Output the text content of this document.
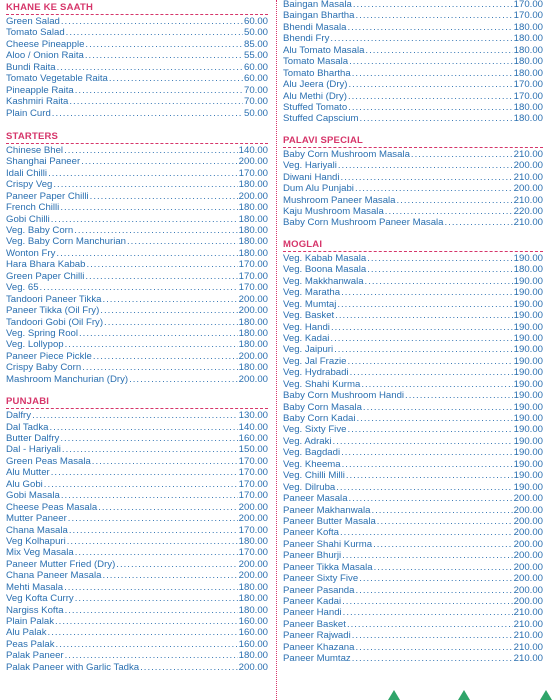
KHANE KE SAATH
Green Salad .....	60.00
Tomato Salad .....	50.00
Cheese Pineapple .....	85.00
Aloo / Onion Raita .....	55.00
Bundi Raita .....	60.00
Tomato Vegetable Raita .....	60.00
Pineapple Raita .....	70.00
Kashmiri Raita .....	70.00
Plain Curd .....	50.00
STARTERS
Chinese Bhel .....	140.00
Shanghai Paneer .....	200.00
Idali Chilli .....	170.00
Crispy Veg .....	180.00
Paneer Paper Chilli .....	200.00
French Chilli .....	180.00
Gobi Chilli .....	180.00
Veg. Baby Corn .....	180.00
Veg. Baby Corn Manchurian .....	180.00
Wonton Fry .....	180.00
Hara Bhara Kabab .....	170.00
Green Paper Chilli .....	170.00
Veg. 65 .....	170.00
Tandoori Paneer Tikka .....	200.00
Paneer Tikka (Oil Fry) .....	200.00
Tandoori Gobi (Oil Fry) .....	180.00
Veg. Spring Rool .....	180.00
Veg. Lollypop .....	180.00
Paneer Piece Pickle .....	200.00
Crispy Baby Corn .....	180.00
Mashroom Manchurian (Dry) .....	200.00
PUNJABI
Dalfry .....	130.00
Dal Tadka .....	140.00
Butter Dalfry .....	160.00
Dal - Hariyali .....	150.00
Green Peas Masala .....	170.00
Alu Mutter .....	170.00
Alu Gobi .....	170.00
Gobi Masala .....	170.00
Cheese Peas Masala .....	200.00
Mutter Paneer .....	200.00
Chana Masala .....	170.00
Veg Kolhapuri .....	180.00
Mix Veg Masala .....	170.00
Paneer Mutter Fried (Dry) .....	200.00
Chana Paneer Masala .....	200.00
Mehti Masala .....	180.00
Veg Kofta Curry .....	180.00
Nargiss Kofta .....	180.00
Plain Palak .....	160.00
Alu Palak .....	160.00
Peas Palak .....	160.00
Palak Paneer .....	180.00
Palak Paneer with Garlic Tadka .....	200.00
Baingan Masala .....	170.00
Baingan Bhartha .....	170.00
Bhendi Masala .....	180.00
Bhendi Fry .....	180.00
Alu Tomato Masala .....	180.00
Tomato Masala .....	180.00
Tomato Bhartha .....	180.00
Alu Jeera (Dry) .....	170.00
Alu Methi (Dry) .....	170.00
Stuffed Tomato .....	180.00
Stuffed Capscium .....	180.00
PALAVI SPECIAL
Baby Corn Mushroom Masala .....	210.00
Veg. Hariyali .....	200.00
Diwani Handi .....	210.00
Dum Alu Punjabi .....	200.00
Mushroom Paneer Masala .....	210.00
Kaju Mushroom Masala .....	220.00
Baby Corn Mushroom Paneer Masala .....	210.00
MOGLAI
Veg. Kabab Masala .....	190.00
Veg. Boona Masala .....	180.00
Veg. Makkhanwala .....	190.00
Veg. Maratha .....	190.00
Veg. Mumtaj .....	190.00
Veg. Basket .....	190.00
Veg. Handi .....	190.00
Veg. Kadai .....	190.00
Veg. Jaipuri .....	190.00
Veg. Jal Frazie .....	190.00
Veg. Hydrabadi .....	190.00
Veg. Shahi Kurma .....	190.00
Baby Corn Mushroom Handi .....	190.00
Baby Corn Masala .....	190.00
Baby Corn Kadai .....	190.00
Veg. Sixty Five .....	190.00
Veg. Adraki .....	190.00
Veg. Bagdadi .....	190.00
Veg. Kheema .....	190.00
Veg. Chilli Milli .....	190.00
Veg. Dilruba .....	190.00
Paneer Masala .....	200.00
Paneer Makhanwala .....	200.00
Paneer Butter Masala .....	200.00
Paneer Kofta .....	200.00
Paneer Shahi Kurma .....	200.00
Paneer Bhurji .....	200.00
Paneer Tikka Masala .....	200.00
Paneer Sixty Five .....	200.00
Paneer Pasanda .....	200.00
Paneer Kadai .....	200.00
Paneer Handi .....	210.00
Paneer Basket .....	210.00
Paneer Rajwadi .....	210.00
Paneer Khazana .....	210.00
Paneer Mumtaz .....	210.00
